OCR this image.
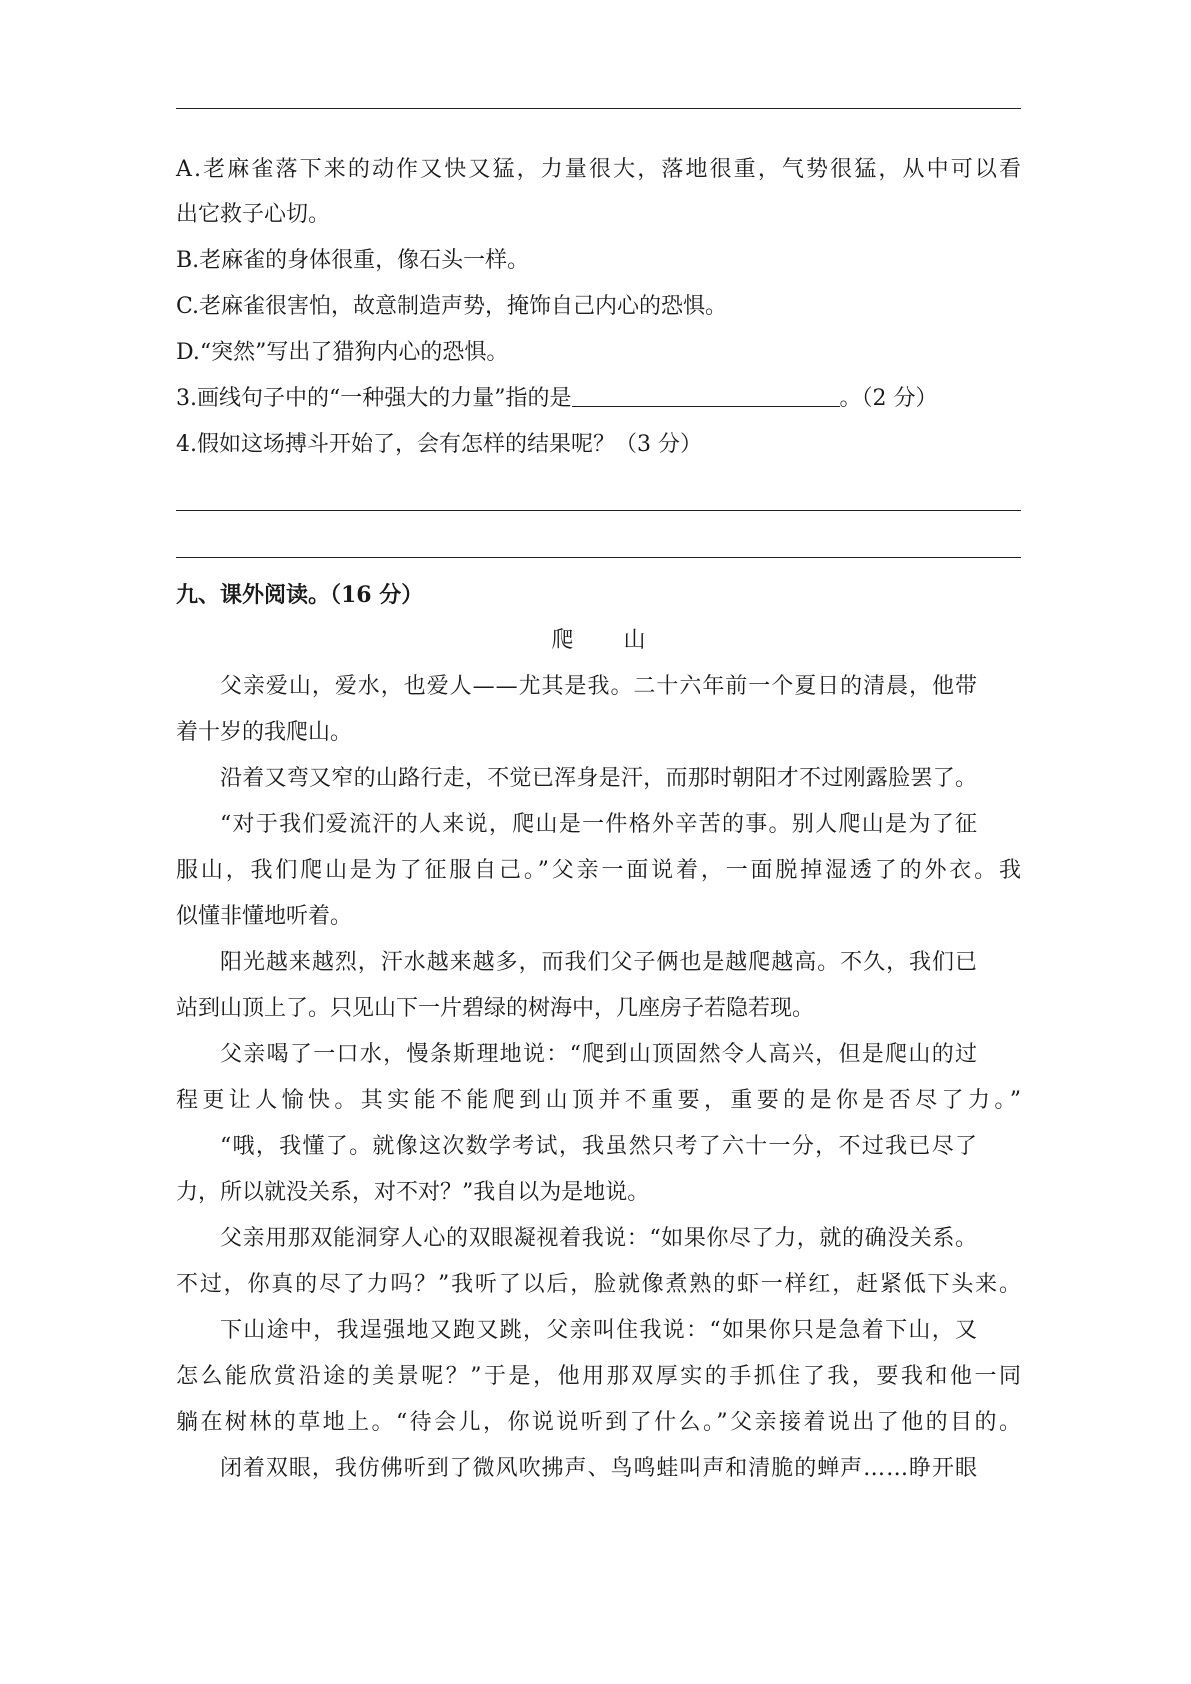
A.老麻雀落下来的动作又快又猛，力量很大，落地很重，气势很猛，从中可以看
出它救子心切。
B.老麻雀的身体很重，像石头一样。
C.老麻雀很害怕，故意制造声势，掩饰自己内心的恐惧。
D.“突然”写出了猎狗内心的恐惧。
3.画线句子中的“一种强大的力量”指的是	。（2 分）
4.假如这场搏斗开始了，会有怎样的结果呢？（3 分）
九、课外阅读。（16 分）
爬山
父亲爱山，爱水，也爱人——尤其是我。二十六年前一个夏日的清晨，他带
着十岁的我爬山。
沿着又弯又窄的山路行走，不觉已浑身是汗，而那时朝阳才不过刚露脸罢了。
“对于我们爱流汗的人来说，爬山是一件格外辛苦的事。别人爬山是为了征
服山，我们爬山是为了征服自己。”父亲一面说着，一面脱掉湿透了的外衣。我
似懂非懂地听着。
阳光越来越烈，汗水越来越多，而我们父子俩也是越爬越高。不久，我们已
站到山顶上了。只见山下一片碧绿的树海中，几座房子若隐若现。
父亲喝了一口水，慢条斯理地说：“爬到山顶固然令人高兴，但是爬山的过
程更让人愉快。其实能不能爬到山顶并不重要，重要的是你是否尽了力。”
“哦，我懂了。就像这次数学考试，我虽然只考了六十一分，不过我已尽了
力，所以就没关系，对不对？”我自以为是地说。
父亲用那双能洞穿人心的双眼凝视着我说：“如果你尽了力，就的确没关系。
不过，你真的尽了力吗？”我听了以后，脸就像煮熟的虾一样红，赶紧低下头来。
下山途中，我逞强地又跑又跳，父亲叫住我说：“如果你只是急着下山，又
怎么能欣赏沿途的美景呢？”于是，他用那双厚实的手抓住了我，要我和他一同
躺在树林的草地上。“待会儿，你说说听到了什么。”父亲接着说出了他的目的。
闭着双眼，我仿佛听到了微风吹拂声、鸟鸣蛙叫声和清脆的蝉声……睁开眼
